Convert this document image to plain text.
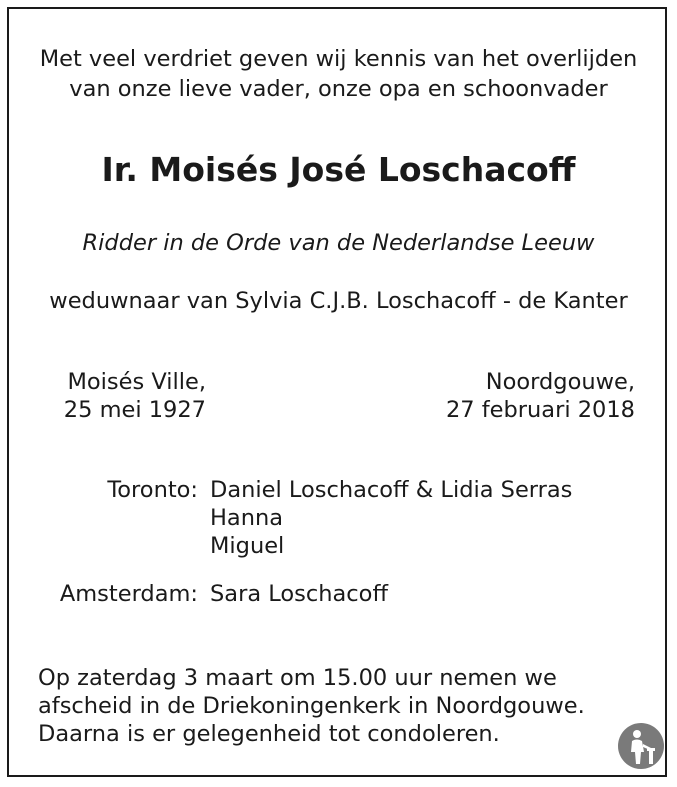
Met veel verdriet geven wij kennis van het overlijden
van onze lieve vader, onze opa en schoonvader
Ir. Moisés José Loschacoff
Ridder in de Orde van de Nederlandse Leeuw
weduwnaar van Sylvia C.J.B. Loschacoff - de Kanter
Moisés Ville,
25 mei 1927
Noordgouwe,
27 februari 2018
Toronto: Daniel Loschacoff & Lidia Serras
Hanna
Miguel
Amsterdam: Sara Loschacoff
Op zaterdag 3 maart om 15.00 uur nemen we
afscheid in de Driekoningenkerk in Noordgouwe.
Daarna is er gelegenheid tot condoleren.
